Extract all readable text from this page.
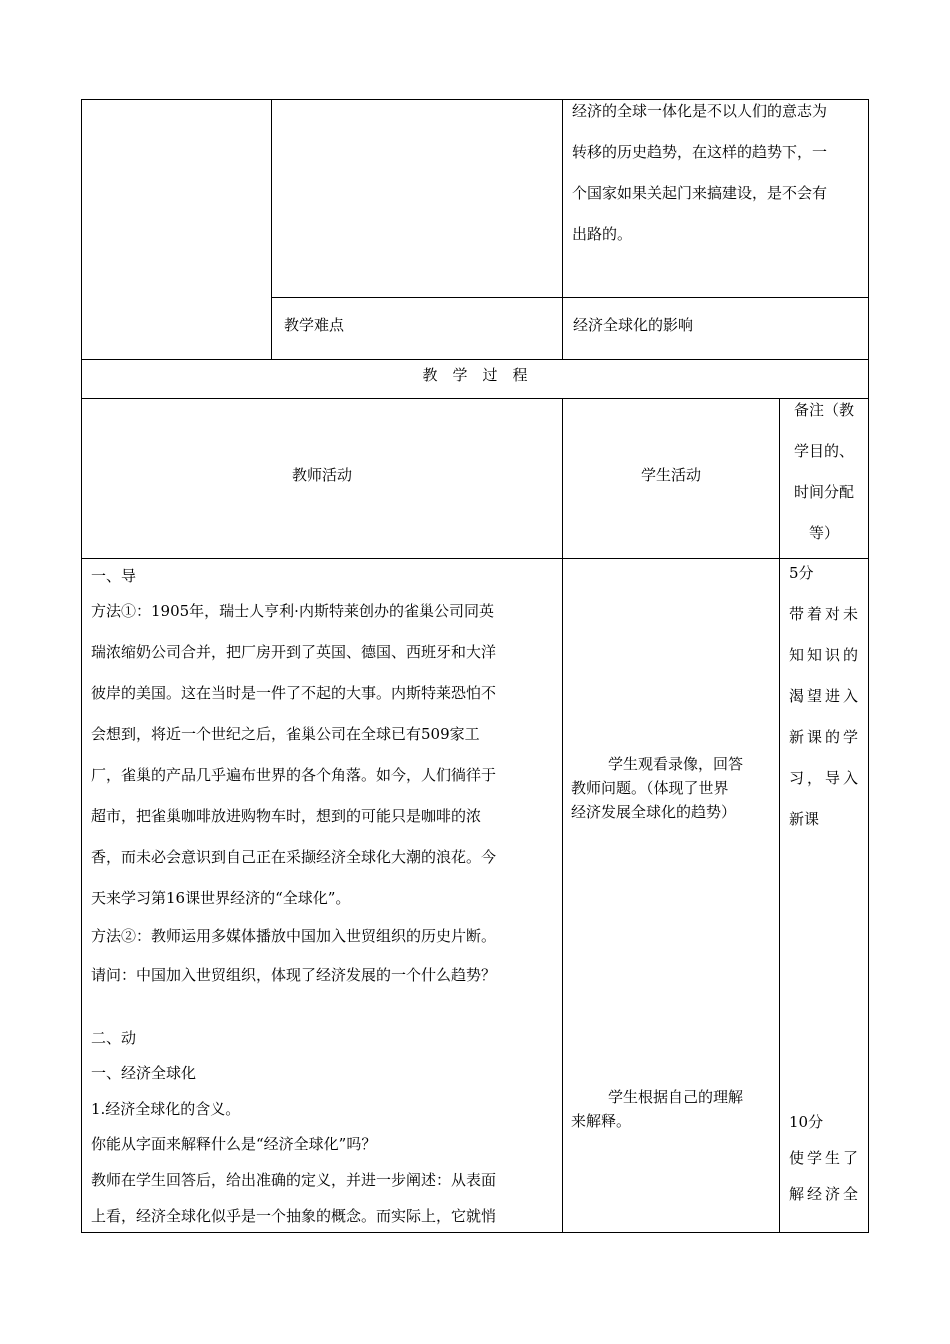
经济的全球一体化是不以人们的意志为
转移的历史趋势，在这样的趋势下，一
个国家如果关起门来搞建设，是不会有
出路的。
教学难点	经济全球化的影响
教　学　过　程
教师活动	学生活动
备注（教
学目的、
时间分配
等）
一、导
方法①：1905年，瑞士人亨利·内斯特莱创办的雀巢公司同英
瑞浓缩奶公司合并，把厂房开到了英国、德国、西班牙和大洋
彼岸的美国。这在当时是一件了不起的大事。内斯特莱恐怕不
会想到，将近一个世纪之后，雀巢公司在全球已有509家工
厂，雀巢的产品几乎遍布世界的各个角落。如今，人们徜徉于
超市，把雀巢咖啡放进购物车时，想到的可能只是咖啡的浓
香，而未必会意识到自己正在采撷经济全球化大潮的浪花。今
天来学习第16课世界经济的“全球化”。
方法②：教师运用多媒体播放中国加入世贸组织的历史片断。
请问：中国加入世贸组织，体现了经济发展的一个什么趋势？
二、动
一、经济全球化
1.经济全球化的含义。
你能从字面来解释什么是“经济全球化”吗？
教师在学生回答后，给出准确的定义，并进一步阐述：从表面
上看，经济全球化似乎是一个抽象的概念。而实际上，它就悄
学生观看录像，回答
教师问题。（体现了世界
经济发展全球化的趋势）
学生根据自己的理解
来解释。
5分
带着对未
知知识的
渴望进入
新课的学
习，导入
新课
10分
使学生了
解经济全
